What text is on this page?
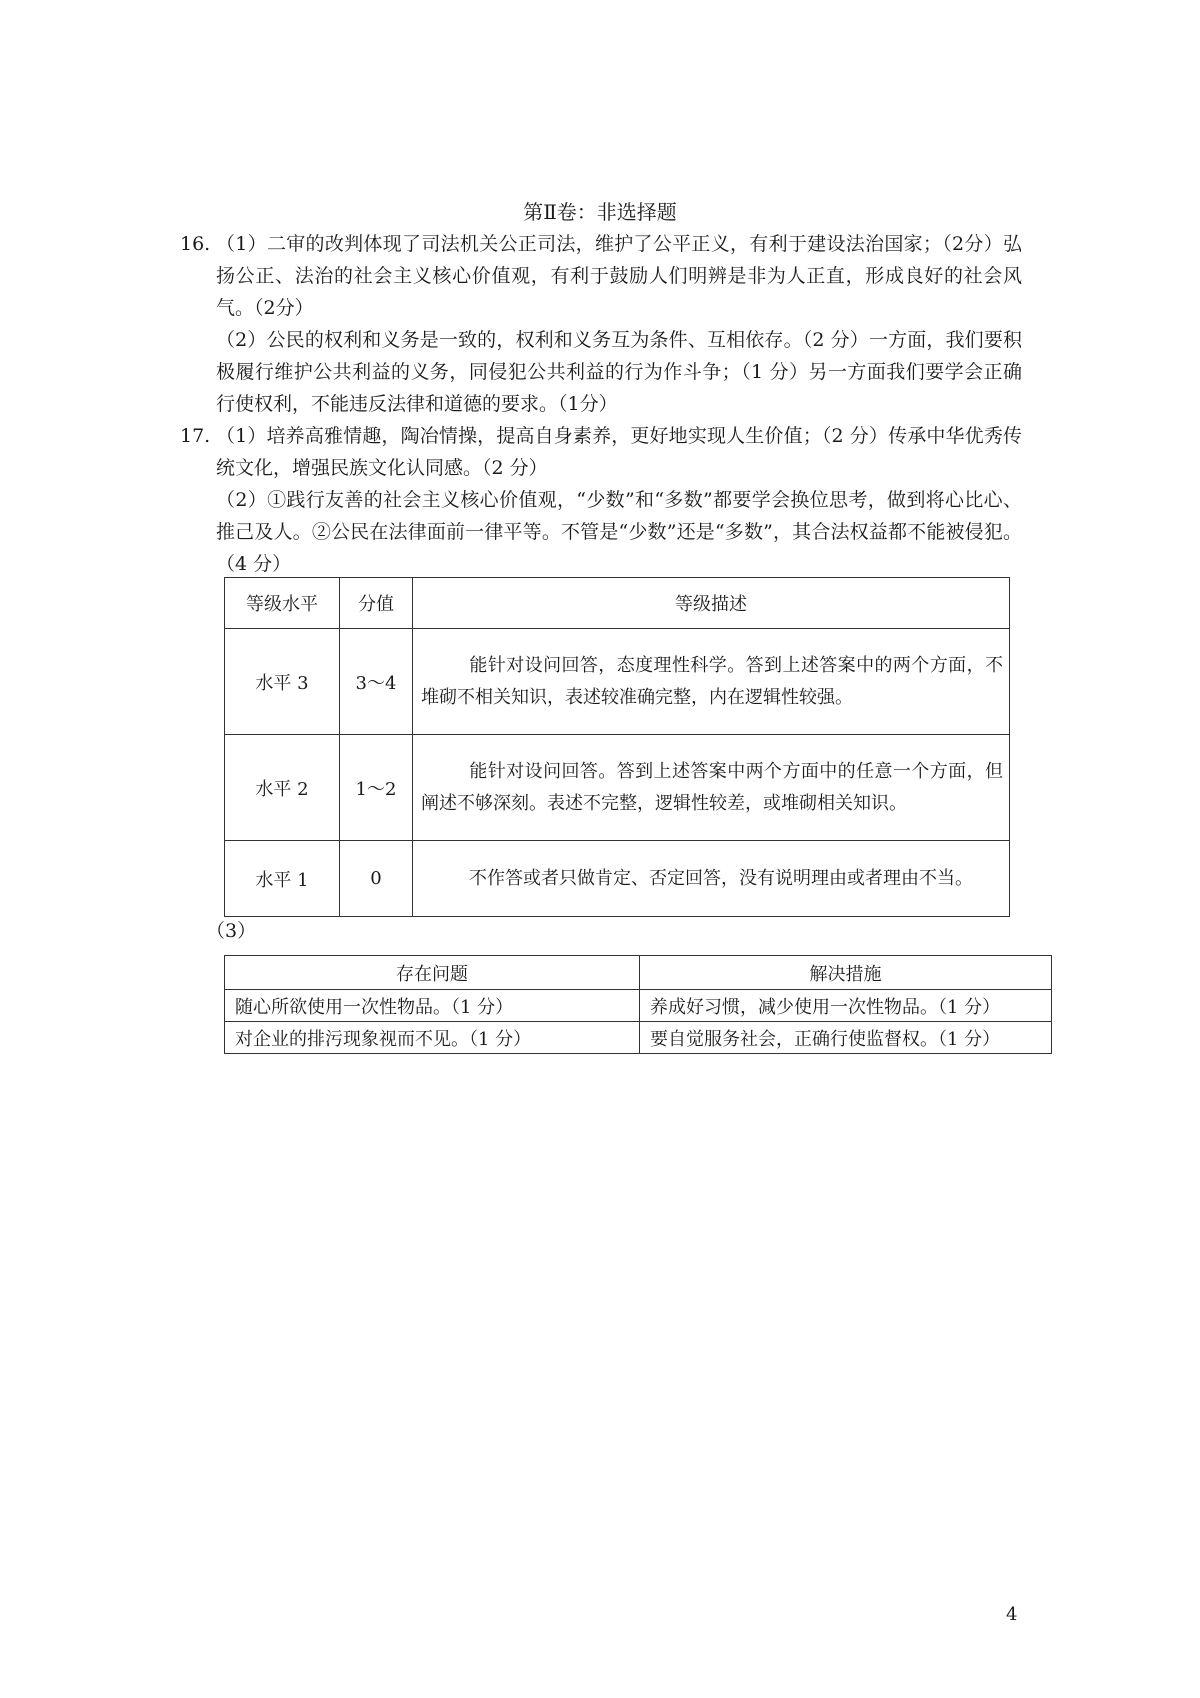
第Ⅱ卷：非选择题
16. （1）二审的改判体现了司法机关公正司法，维护了公平正义，有利于建设法治国家；（2分）弘扬公正、法治的社会主义核心价值观，有利于鼓励人们明辨是非为人正直，形成良好的社会风气。（2分）
（2）公民的权利和义务是一致的，权利和义务互为条件、互相依存。（2 分）一方面，我们要积极履行维护公共利益的义务，同侵犯公共利益的行为作斗争；（1 分）另一方面我们要学会正确行使权利，不能违反法律和道德的要求。（1分）
17. （1）培养高雅情趣，陶冶情操，提高自身素养，更好地实现人生价值；（2 分）传承中华优秀传统文化，增强民族文化认同感。（2 分）
（2）①践行友善的社会主义核心价值观，“少数”和“多数”都要学会换位思考，做到将心比心、推己及人。②公民在法律面前一律平等。不管是“少数”还是“多数”，其合法权益都不能被侵犯。（4 分）
等级水平	分值	等级描述
水平 3	3～4	能针对设问回答，态度理性科学。答到上述答案中的两个方面，不堆砌不相关知识，表述较准确完整，内在逻辑性较强。
水平 2	1～2	能针对设问回答。答到上述答案中两个方面中的任意一个方面，但阐述不够深刻。表述不完整，逻辑性较差，或堆砌相关知识。
水平 1	0	不作答或者只做肯定、否定回答，没有说明理由或者理由不当。
（3）
存在问题	解决措施
随心所欲使用一次性物品。（1 分）	养成好习惯，减少使用一次性物品。（1 分）
对企业的排污现象视而不见。（1 分）	要自觉服务社会，正确行使监督权。（1 分）
4
